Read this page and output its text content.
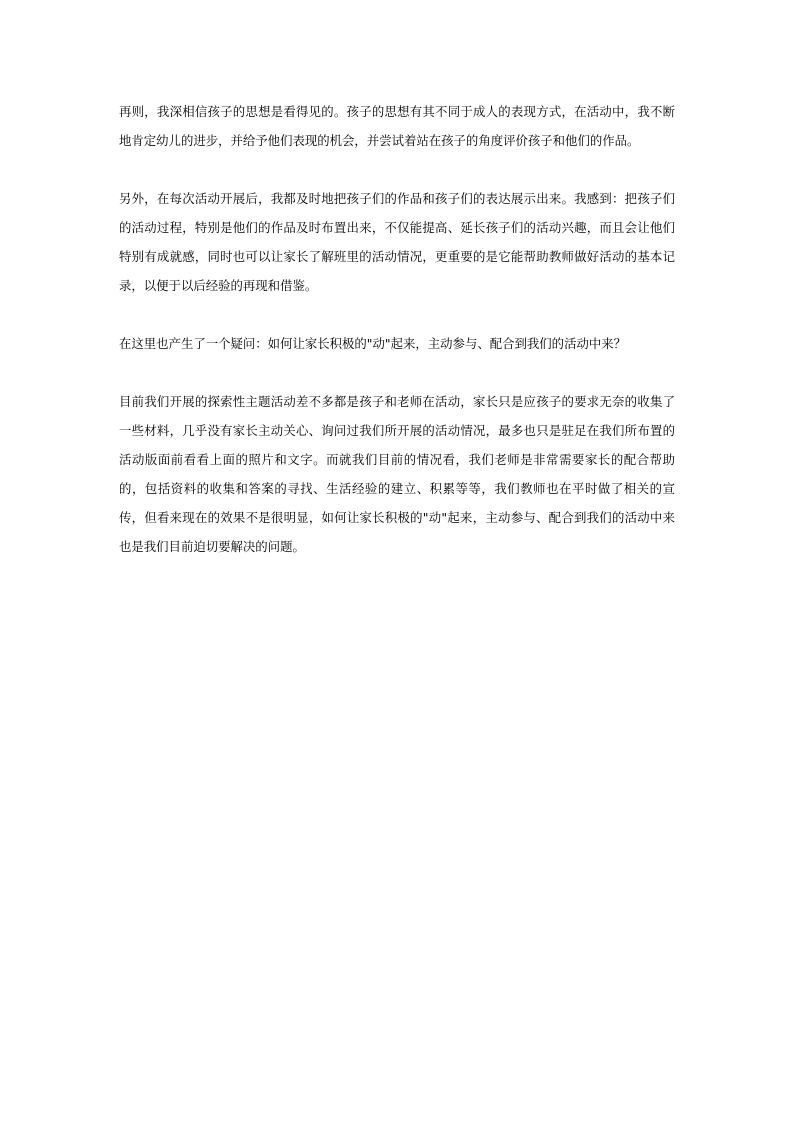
再则，我深相信孩子的思想是看得见的。孩子的思想有其不同于成人的表现方式，在活动中，我不断地肯定幼儿的进步，并给予他们表现的机会，并尝试着站在孩子的角度评价孩子和他们的作品。

另外，在每次活动开展后，我都及时地把孩子们的作品和孩子们的表达展示出来。我感到：把孩子们的活动过程，特别是他们的作品及时布置出来，不仅能提高、延长孩子们的活动兴趣，而且会让他们特别有成就感，同时也可以让家长了解班里的活动情况，更重要的是它能帮助教师做好活动的基本记录，以便于以后经验的再现和借鉴。

在这里也产生了一个疑问：如何让家长积极的"动"起来，主动参与、配合到我们的活动中来？

目前我们开展的探索性主题活动差不多都是孩子和老师在活动，家长只是应孩子的要求无奈的收集了一些材料，几乎没有家长主动关心、询问过我们所开展的活动情况，最多也只是驻足在我们所布置的活动版面前看看上面的照片和文字。而就我们目前的情况看，我们老师是非常需要家长的配合帮助的，包括资料的收集和答案的寻找、生活经验的建立、积累等等，我们教师也在平时做了相关的宣传，但看来现在的效果不是很明显，如何让家长积极的"动"起来，主动参与、配合到我们的活动中来也是我们目前迫切要解决的问题。
